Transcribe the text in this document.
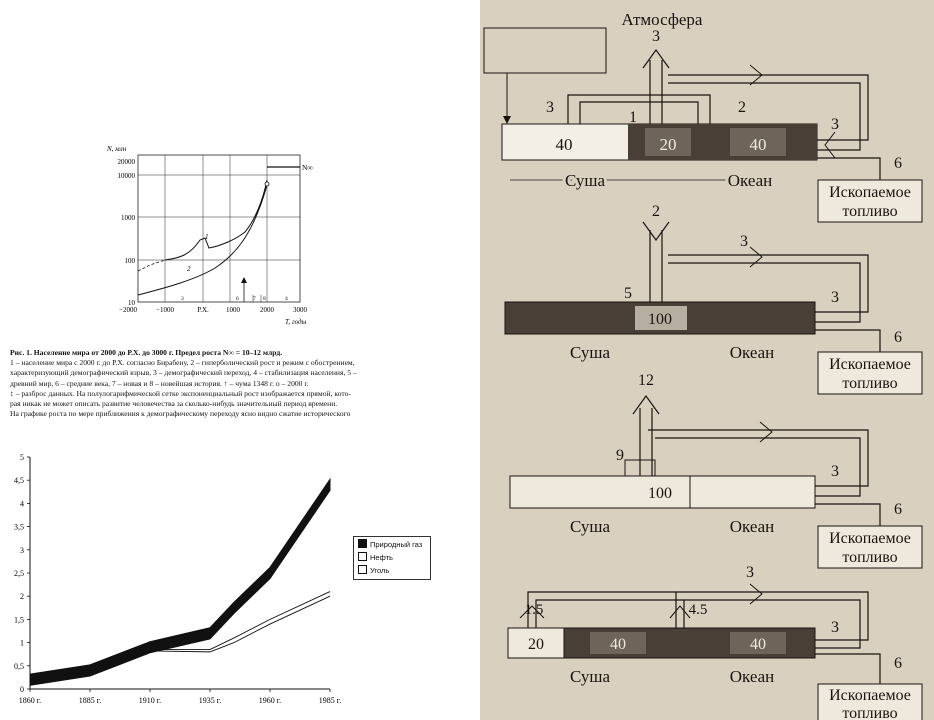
N∞
N, млн
20000
10000
1000
100
10
−2000	−1000	Р.Х. 1000	2000	3000
T, годы
1
2
3	6	7 8	4
Рис. 1. Население мира от 2000 до Р.Х. до 3000 г. Предел роста N∞ = 10–12 млрд.
1 – население мира с 2000 г. до Р.Х. согласно Бирабену, 2 – гиперболический рост и режим с обострением,
характеризующий демографический взрыв, 3 – демографический переход, 4 – стабилизация населения, 5 –
древний мир, 6 – средние века, 7 – новая и 8 – новейшая история. ↑ – чума 1348 г. о – 2000 г.
↕ – разброс данных. На полулогарифмической сетке экспоненциальный рост изображается прямой, кото-
рая никак не может описать развитие человечества за сколько-нибудь значительный период времени.
На графике роста по мере приближения к демографическому переходу ясно видно сжатие исторического
0
0,5
1
1,5
2
2,5
3
3,5
4
4,5
5
1860 г.	1885 г.	1910 г.	1935 г.	1960 г.	1985 г.
Природный газ
Нефть
Уголь
Атмосфера
40	20	40
3
3
1
2
3
6
Суша	Океан
Ископаемое
топливо
100
2
5
3
3
6
Суша	Океан
Ископаемое
топливо
100
12
9
3
6
Суша	Океан
Ископаемое
топливо
20	40	40
3
1.5	4.5
3
6
Суша	Океан
Ископаемое
топливо
